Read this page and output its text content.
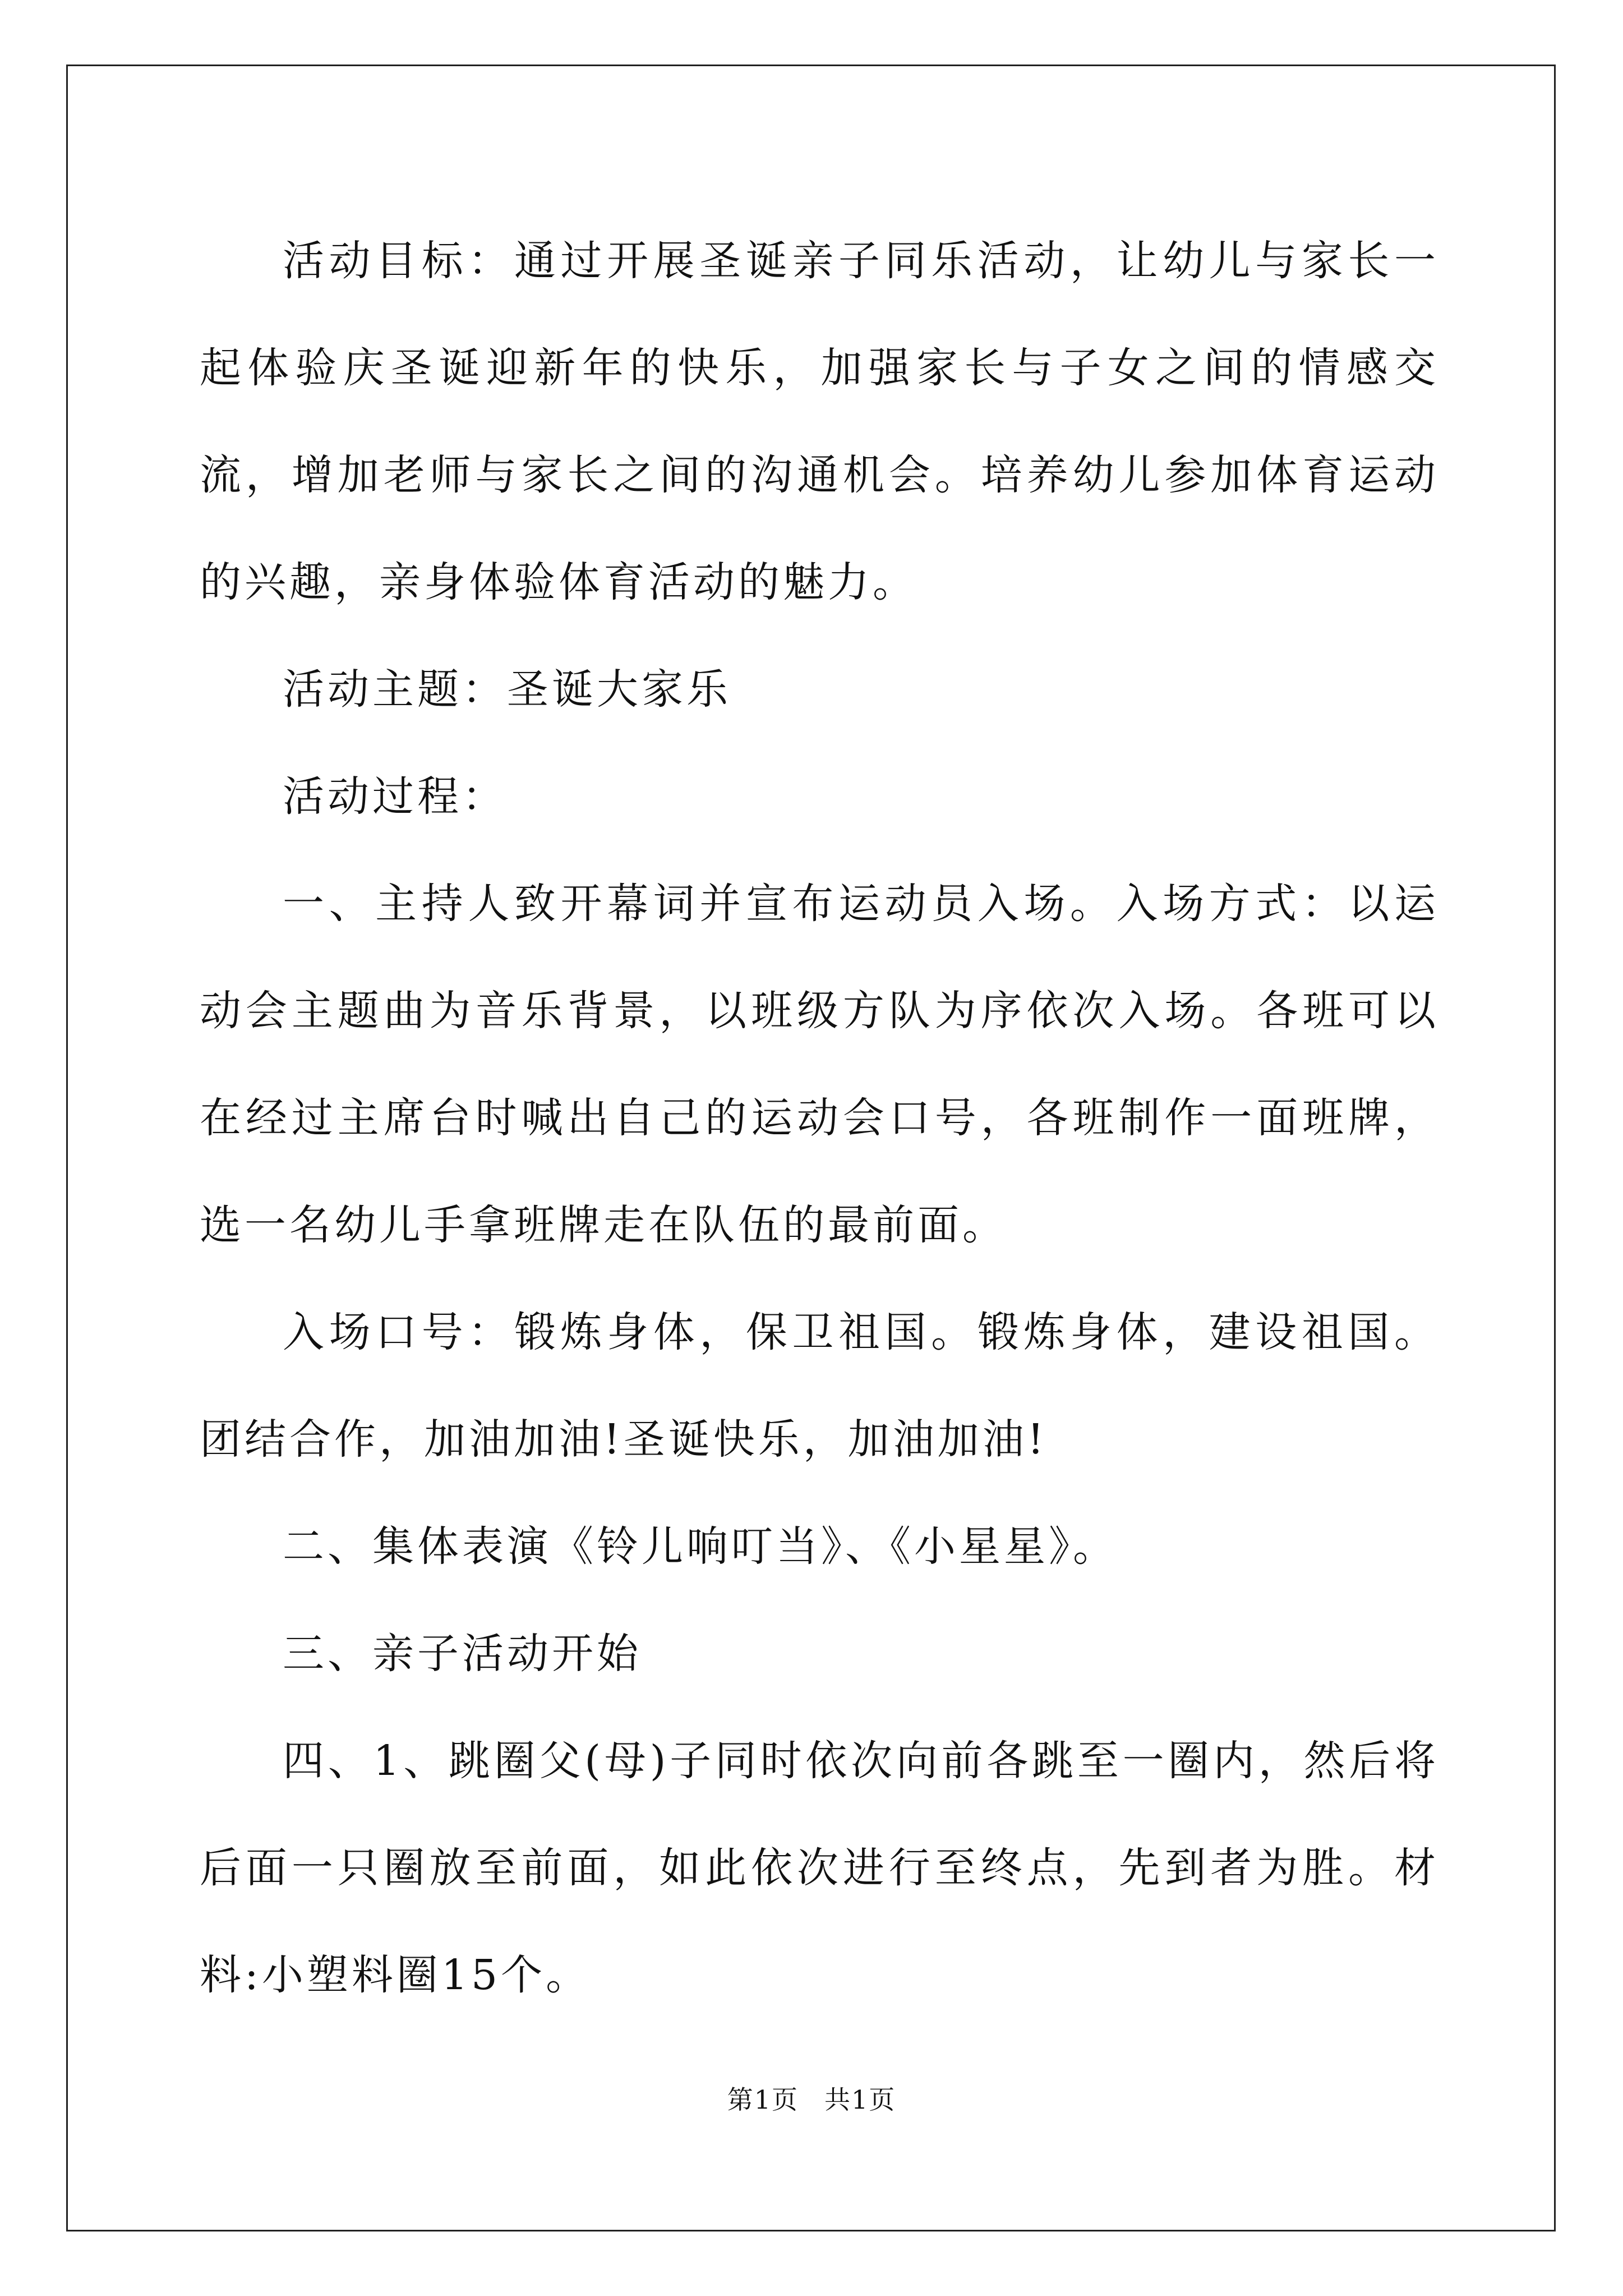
活动目标：通过开展圣诞亲子同乐活动，让幼儿与家长一起体验庆圣诞迎新年的快乐，加强家长与子女之间的情感交流，增加老师与家长之间的沟通机会。培养幼儿参加体育运动的兴趣，亲身体验体育活动的魅力。

活动主题：圣诞大家乐

活动过程：

一、主持人致开幕词并宣布运动员入场。入场方式：以运动会主题曲为音乐背景，以班级方队为序依次入场。各班可以在经过主席台时喊出自己的运动会口号，各班制作一面班牌，选一名幼儿手拿班牌走在队伍的最前面。

入场口号：锻炼身体，保卫祖国。锻炼身体，建设祖国。团结合作，加油加油!圣诞快乐，加油加油!

二、集体表演《铃儿响叮当》、《小星星》。

三、亲子活动开始

四、1、跳圈父(母)子同时依次向前各跳至一圈内，然后将后面一只圈放至前面，如此依次进行至终点，先到者为胜。材料:小塑料圈15个。

第1页 共1页
